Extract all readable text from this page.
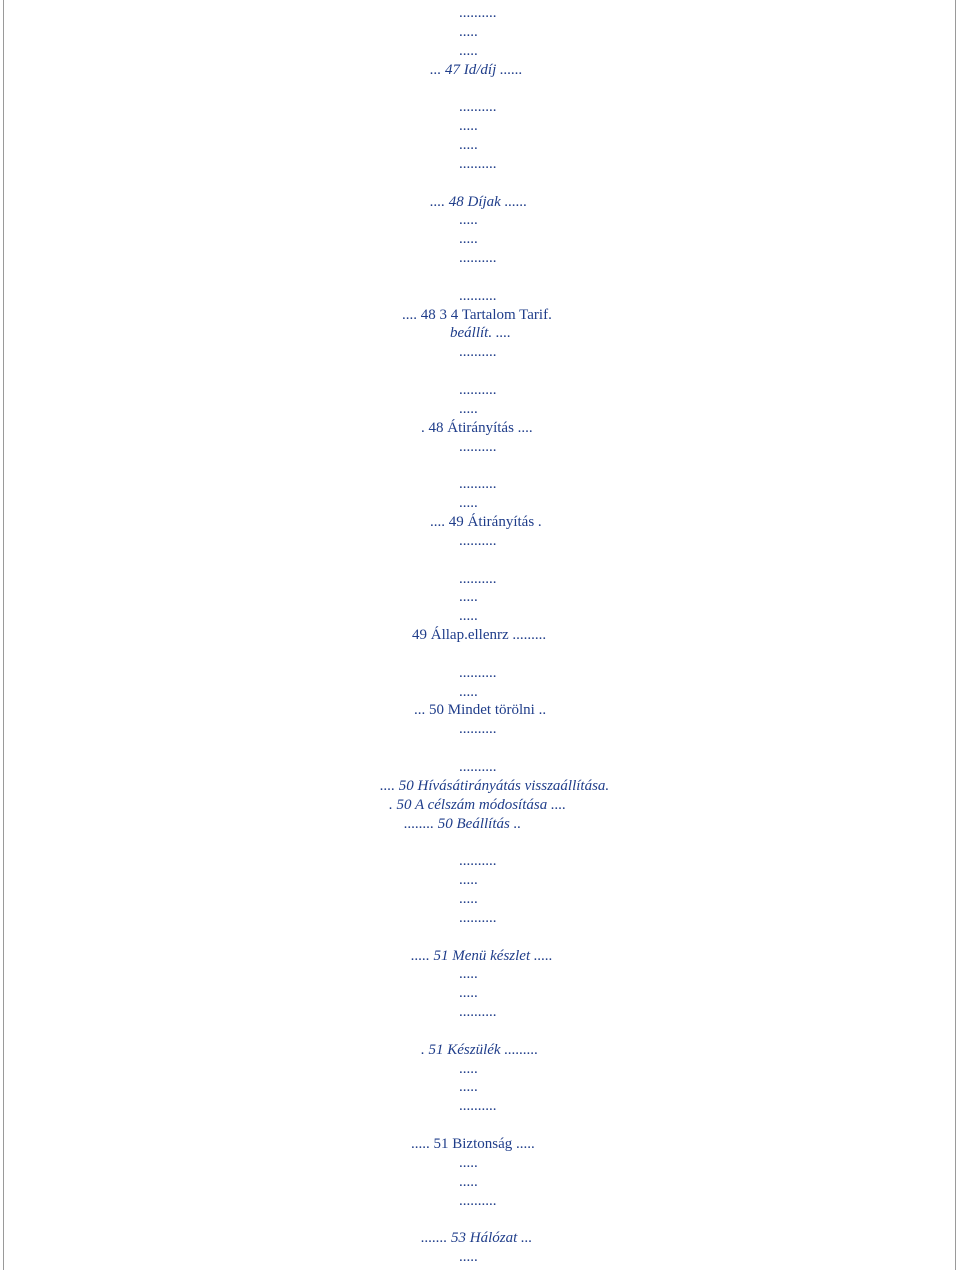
..........
.....
.....
... 47 Id/díj ......
..........
.....
.....
..........
.... 48 Díjak ......
.....
.....
..........
..........
.... 48 3 4 Tartalom Tarif.
beállít. ....
..........
..........
.....
. 48 Átirányítás ....
..........
..........
.....
.... 49 Átirányítás .
..........
..........
.....
.....
49 Állap.ellenrz .........
..........
.....
... 50 Mindet törölni ..
..........
..........
.... 50 Hívásátirányátás visszaállítása.
. 50 A célszám módosítása ....
........ 50 Beállítás ..
..........
.....
.....
..........
..... 51 Menü készlet .....
.....
.....
..........
. 51 Készülék .........
.....
.....
..........
..... 51 Biztonság .....
.....
.....
..........
....... 53 Hálózat ...
.....
